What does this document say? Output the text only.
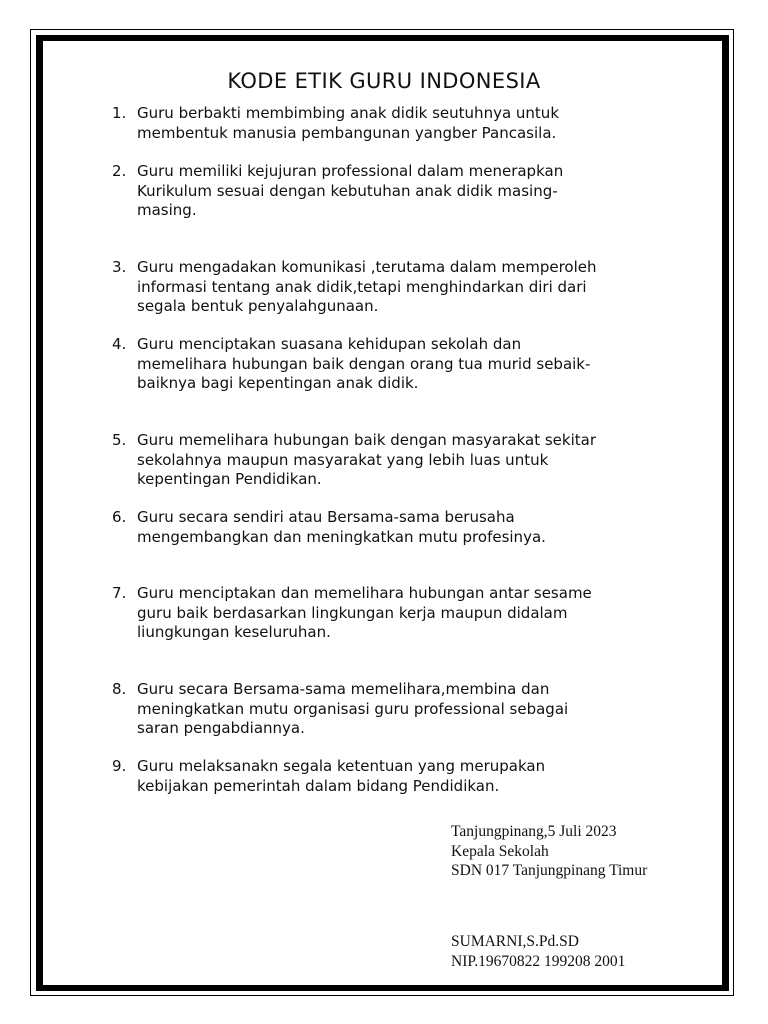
KODE ETIK GURU INDONESIA
1. Guru berbakti membimbing anak didik seutuhnya untuk
membentuk manusia pembangunan yangber Pancasila.
2. Guru memiliki kejujuran professional dalam menerapkan
Kurikulum sesuai dengan kebutuhan anak didik masing-
masing.
3. Guru mengadakan komunikasi ,terutama dalam memperoleh
informasi tentang anak didik,tetapi menghindarkan diri dari
segala bentuk penyalahgunaan.
4. Guru menciptakan suasana kehidupan sekolah dan
memelihara hubungan baik dengan orang tua murid sebaik-
baiknya bagi kepentingan anak didik.
5. Guru memelihara hubungan baik dengan masyarakat sekitar
sekolahnya maupun masyarakat yang lebih luas untuk
kepentingan Pendidikan.
6. Guru secara sendiri atau Bersama-sama berusaha
mengembangkan dan meningkatkan mutu profesinya.
7. Guru menciptakan dan memelihara hubungan antar sesame
guru baik berdasarkan lingkungan kerja maupun didalam
liungkungan keseluruhan.
8. Guru secara Bersama-sama memelihara,membina dan
meningkatkan mutu organisasi guru professional sebagai
saran pengabdiannya.
9. Guru melaksanakn segala ketentuan yang merupakan
kebijakan pemerintah dalam bidang Pendidikan.
Tanjungpinang,5 Juli 2023
Kepala Sekolah
SDN 017 Tanjungpinang Timur
SUMARNI,S.Pd.SD
NIP.19670822 199208 2001
